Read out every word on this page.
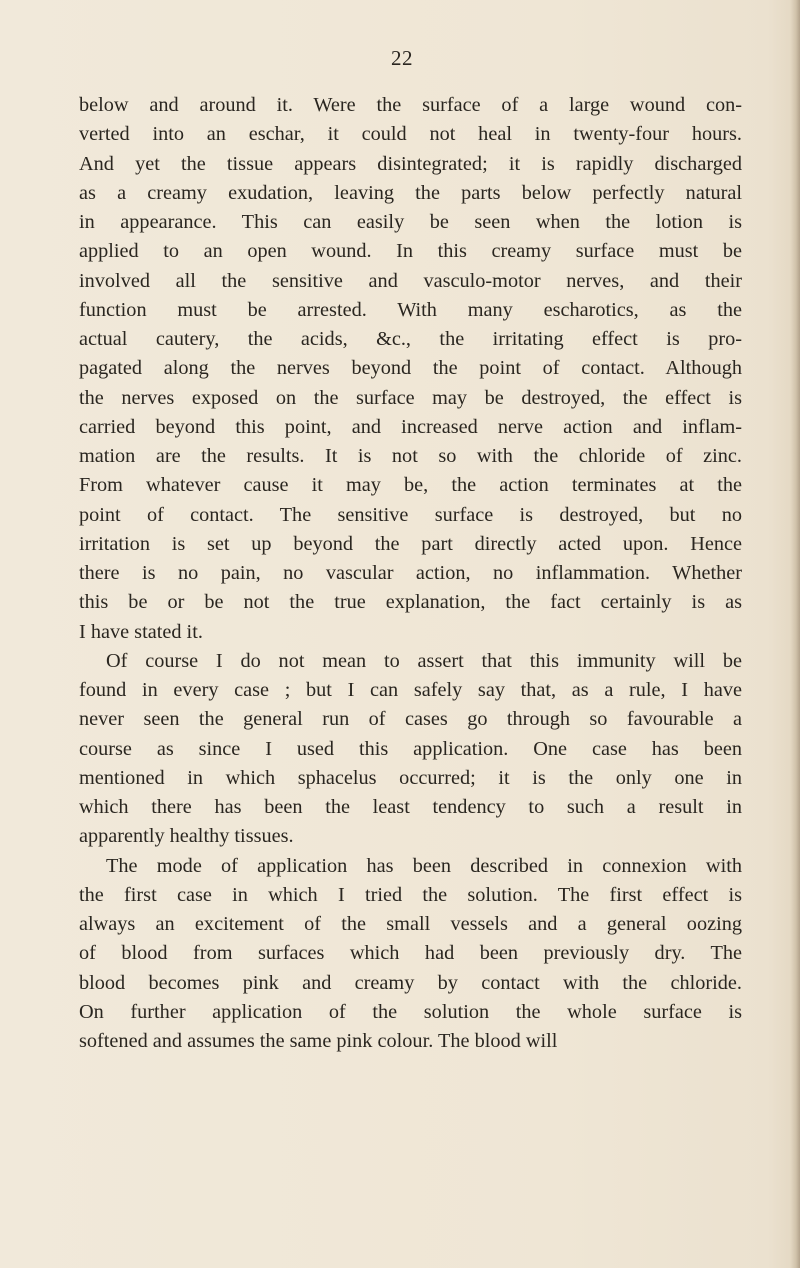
22
below and around it. Were the surface of a large wound con-
verted into an eschar, it could not heal in twenty-four hours.
And yet the tissue appears disintegrated; it is rapidly discharged
as a creamy exudation, leaving the parts below perfectly natural
in appearance. This can easily be seen when the lotion is
applied to an open wound. In this creamy surface must be
involved all the sensitive and vasculo-motor nerves, and their
function must be arrested. With many escharotics, as the
actual cautery, the acids, &c., the irritating effect is pro-
pagated along the nerves beyond the point of contact. Although
the nerves exposed on the surface may be destroyed, the effect is
carried beyond this point, and increased nerve action and inflam-
mation are the results. It is not so with the chloride of zinc.
From whatever cause it may be, the action terminates at the
point of contact. The sensitive surface is destroyed, but no
irritation is set up beyond the part directly acted upon. Hence
there is no pain, no vascular action, no inflammation. Whether
this be or be not the true explanation, the fact certainly is as
I have stated it.
Of course I do not mean to assert that this immunity will be
found in every case ; but I can safely say that, as a rule, I have
never seen the general run of cases go through so favourable a
course as since I used this application. One case has been
mentioned in which sphacelus occurred; it is the only one in
which there has been the least tendency to such a result in
apparently healthy tissues.
The mode of application has been described in connexion with
the first case in which I tried the solution. The first effect is
always an excitement of the small vessels and a general oozing
of blood from surfaces which had been previously dry. The
blood becomes pink and creamy by contact with the chloride.
On further application of the solution the whole surface is
softened and assumes the same pink colour. The blood will
